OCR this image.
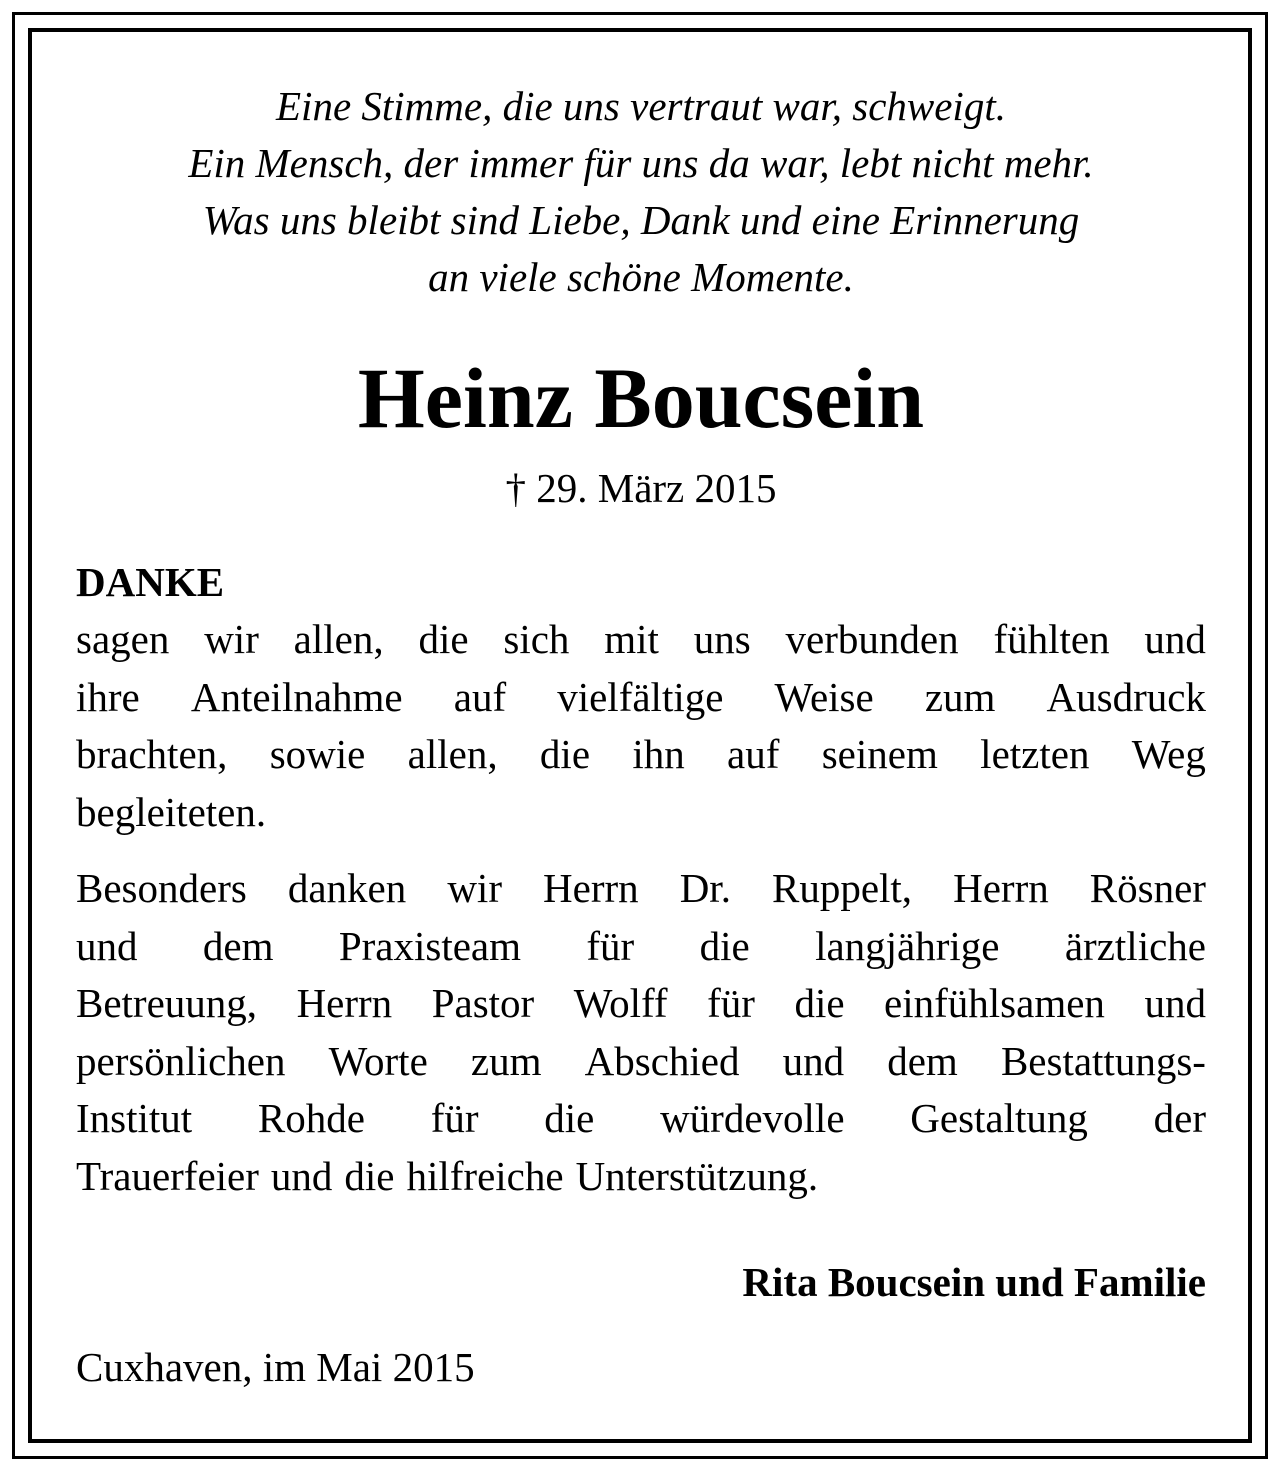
Eine Stimme, die uns vertraut war, schweigt.
Ein Mensch, der immer für uns da war, lebt nicht mehr.
Was uns bleibt sind Liebe, Dank und eine Erinnerung
an viele schöne Momente.
Heinz Boucsein
† 29. März 2015
DANKE
sagen wir allen, die sich mit uns verbunden fühlten und
ihre Anteilnahme auf vielfältige Weise zum Ausdruck
brachten, sowie allen, die ihn auf seinem letzten Weg
begleiteten.
Besonders danken wir Herrn Dr. Ruppelt, Herrn Rösner
und dem Praxisteam für die langjährige ärztliche
Betreuung, Herrn Pastor Wolff für die einfühlsamen und
persönlichen Worte zum Abschied und dem Bestattungs-
Institut Rohde für die würdevolle Gestaltung der
Trauerfeier und die hilfreiche Unterstützung.
Rita Boucsein und Familie
Cuxhaven, im Mai 2015
